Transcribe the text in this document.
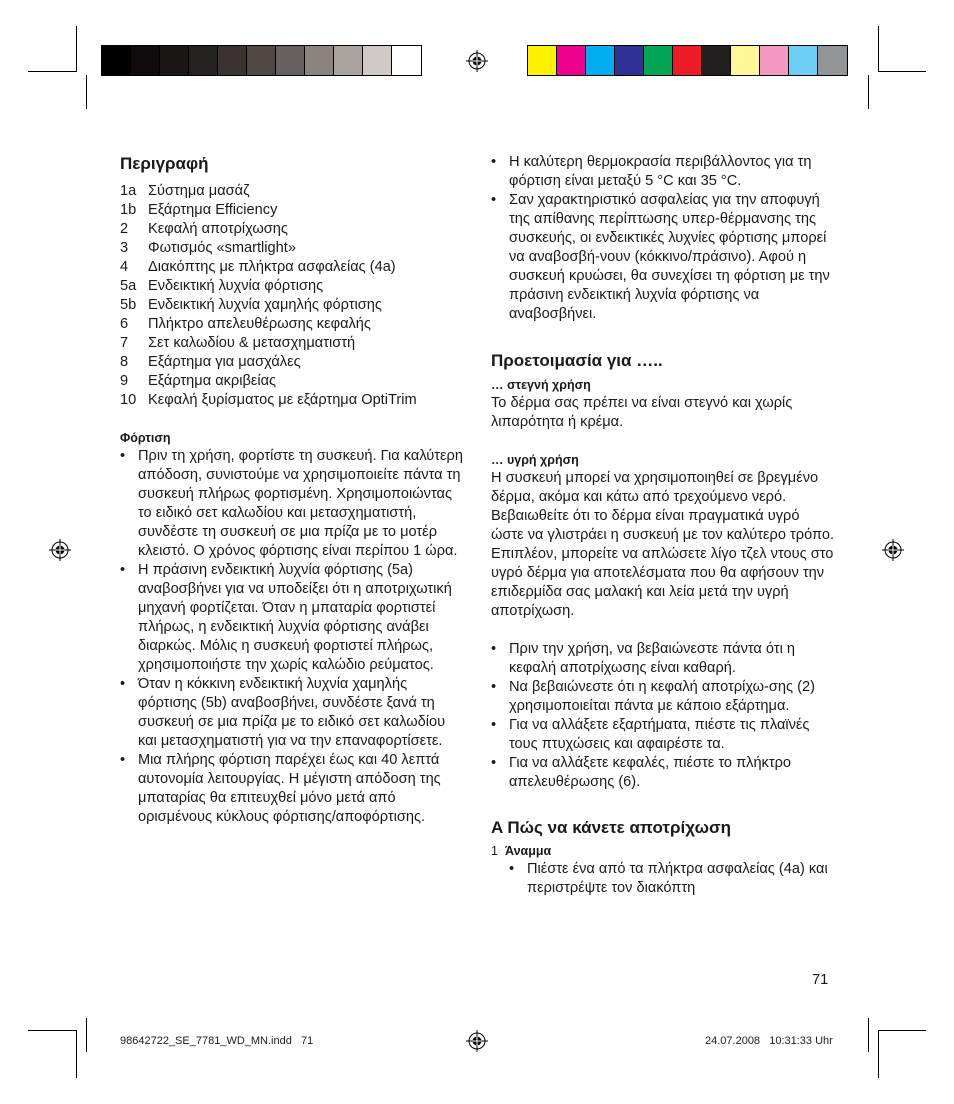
Περιγραφή
1a Σύστημα μασάζ
1b Εξάρτημα Efficiency
2	Κεφαλή αποτρίχωσης
3	Φωτισμός «smartlight»
4	Διακόπτης με πλήκτρα ασφαλείας (4a)
5a Ενδεικτική λυχνία φόρτισης
5b Ενδεικτική λυχνία χαμηλής φόρτισης
6	Πλήκτρο απελευθέρωσης κεφαλής
7	Σετ καλωδίου & μετασχηματιστή
8	Εξάρτημα για μασχάλες
9	Εξάρτημα ακριβείας
10 Κεφαλή ξυρίσματος με εξάρτημα OptiTrim

Φόρτιση

• Πριν τη χρήση, φορτίστε τη συσκευή. Για καλύτερη απόδοση, συνιστούμε να χρησιμοποιείτε πάντα τη συσκευή πλήρως φορτισμένη. Χρησιμοποιώντας το ειδικό σετ καλωδίου και μετασχηματιστή, συνδέστε τη συσκευή σε μια πρίζα με το μοτέρ κλειστό. Ο χρόνος φόρτισης είναι περίπου 1 ώρα.
• Η πράσινη ενδεικτική λυχνία φόρτισης (5a) αναβοσβήνει για να υποδείξει ότι η αποτριχωτική μηχανή φορτίζεται. Όταν η μπαταρία φορτιστεί πλήρως, η ενδεικτική λυχνία φόρτισης ανάβει διαρκώς. Μόλις η συσκευή φορτιστεί πλήρως, χρησιμοποιήστε την χωρίς καλώδιο ρεύματος.
• Όταν η κόκκινη ενδεικτική λυχνία χαμηλής φόρτισης (5b) αναβοσβήνει, συνδέστε ξανά τη συσκευή σε μια πρίζα με το ειδικό σετ καλωδίου και μετασχηματιστή για να την επαναφορτίσετε.
• Μια πλήρης φόρτιση παρέχει έως και 40 λεπτά αυτονομία λειτουργίας. Η μέγιστη απόδοση της μπαταρίας θα επιτευχθεί μόνο μετά από ορισμένους κύκλους φόρτισης/αποφόρτισης.
• Η καλύτερη θερμοκρασία περιβάλλοντος για τη φόρτιση είναι μεταξύ 5 °C και 35 °C.
• Σαν χαρακτηριστικό ασφαλείας για την αποφυγή της απίθανης περίπτωσης υπερ-θέρμανσης της συσκευής, οι ενδεικτικές λυχνίες φόρτισης μπορεί να αναβοσβή-νουν (κόκκινο/πράσινο). Αφού η συσκευή κρυώσει, θα συνεχίσει τη φόρτιση με την πράσινη ενδεικτική λυχνία φόρτισης να αναβοσβήνει.
Προετοιμασία για …..

… στεγνή χρήση

Το δέρμα σας πρέπει να είναι στεγνό και χωρίς λιπαρότητα ή κρέμα.

… υγρή χρήση

Η συσκευή μπορεί να χρησιμοποιηθεί σε βρεγμένο δέρμα, ακόμα και κάτω από τρεχούμενο νερό. Βεβαιωθείτε ότι το δέρμα είναι πραγματικά υγρό ώστε να γλιστράει η συσκευή με τον καλύτερο τρόπο. Επιπλέον, μπορείτε να απλώσετε λίγο τζελ ντους στο υγρό δέρμα για αποτελέσματα που θα αφήσουν την επιδερμίδα σας μαλακή και λεία μετά την υγρή αποτρίχωση.

• Πριν την χρήση, να βεβαιώνεστε πάντα ότι η κεφαλή αποτρίχωσης είναι καθαρή.
• Να βεβαιώνεστε ότι η κεφαλή αποτρίχω-σης (2) χρησιμοποιείται πάντα με κάποιο εξάρτημα.
• Για να αλλάξετε εξαρτήματα, πιέστε τις πλαϊνές τους πτυχώσεις και αφαιρέστε τα.
• Για να αλλάξετε κεφαλές, πιέστε το πλήκτρο απελευθέρωσης (6).
A Πώς να κάνετε αποτρίχωση
1 Άναμμα
• Πιέστε ένα από τα πλήκτρα ασφαλείας (4a) και περιστρέψτε τον διακόπτη
71
98642722_SE_7781_WD_MN.indd   71	24.07.2008   10:31:33 Uhr
